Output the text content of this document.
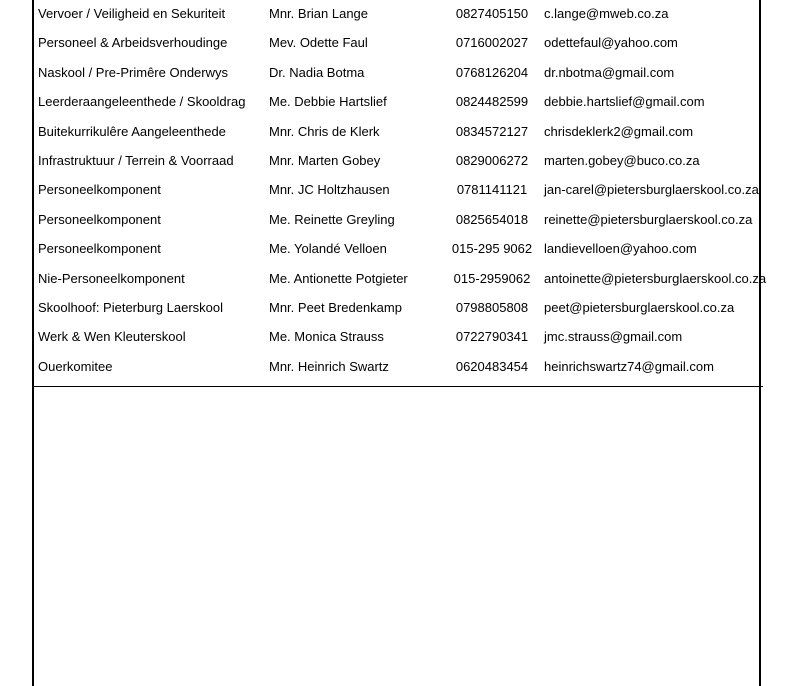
Vervoer / Veiligheid en Sekuriteit	Mnr. Brian Lange	0827405150	c.lange@mweb.co.za
Personeel & Arbeidsverhoudinge	Mev. Odette Faul	0716002027	odettefaul@yahoo.com
Naskool / Pre-Primêre Onderwys	Dr. Nadia Botma	0768126204	dr.nbotma@gmail.com
Leerderaangeleenthede / Skooldrag Me. Debbie Hartslief	0824482599	debbie.hartslief@gmail.com
Buitekurrikulêre Aangeleenthede	Mnr. Chris de Klerk	0834572127	chrisdeklerk2@gmail.com
Infrastruktuur / Terrein & Voorraad	Mnr. Marten Gobey	0829006272	marten.gobey@buco.co.za
Personeelkomponent	Mnr. JC Holtzhausen	0781141121	jan-carel@pietersburglaerskool.co.za
Personeelkomponent	Me. Reinette Greyling	0825654018	reinette@pietersburglaerskool.co.za
Personeelkomponent	Me. Yolandé Velloen	015-295 9062 landievelloen@yahoo.com
Nie-Personeelkomponent	Me. Antionette Potgieter	015-2959062	antoinette@pietersburglaerskool.co.za
Skoolhoof: Pieterburg Laerskool	Mnr. Peet Bredenkamp	0798805808	peet@pietersburglaerskool.co.za
Werk & Wen Kleuterskool	Me. Monica Strauss	0722790341	jmc.strauss@gmail.com
Ouerkomitee	Mnr. Heinrich Swartz	0620483454	heinrichswartz74@gmail.com
